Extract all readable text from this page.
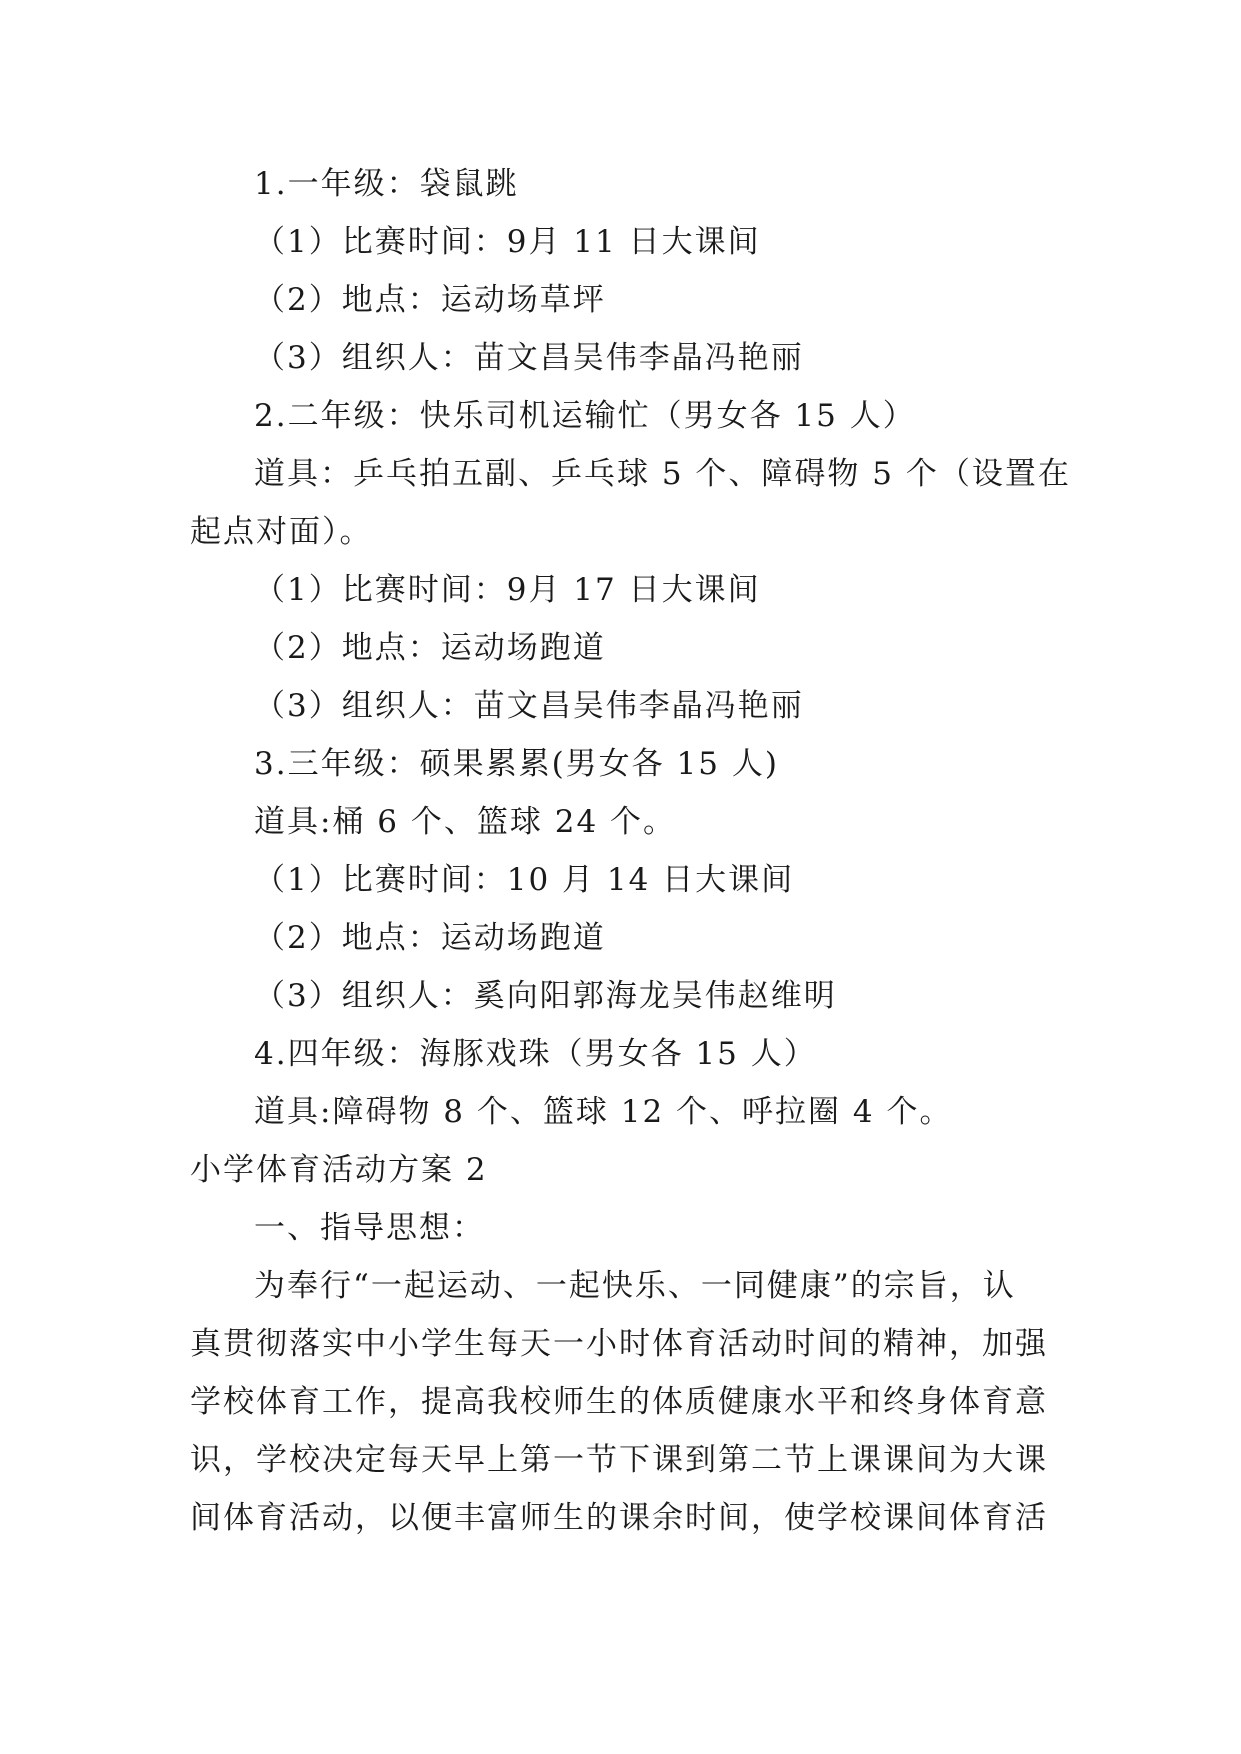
1.一年级：袋鼠跳
（1）比赛时间：9月 11 日大课间
（2）地点：运动场草坪
（3）组织人：苗文昌吴伟李晶冯艳丽
2.二年级：快乐司机运输忙（男女各 15 人）
道具：乒乓拍五副、乒乓球 5 个、障碍物 5 个（设置在
起点对面）。
（1）比赛时间：9月 17 日大课间
（2）地点：运动场跑道
（3）组织人：苗文昌吴伟李晶冯艳丽
3.三年级：硕果累累(男女各 15 人)
道具:桶 6 个、篮球 24 个。
（1）比赛时间：10 月 14 日大课间
（2）地点：运动场跑道
（3）组织人：奚向阳郭海龙吴伟赵维明
4.四年级：海豚戏珠（男女各 15 人）
道具:障碍物 8 个、篮球 12 个、呼拉圈 4 个。
小学体育活动方案 2
一、指导思想：
为奉行“一起运动、一起快乐、一同健康”的宗旨，认
真贯彻落实中小学生每天一小时体育活动时间的精神，加强
学校体育工作，提高我校师生的体质健康水平和终身体育意
识，学校决定每天早上第一节下课到第二节上课课间为大课
间体育活动，以便丰富师生的课余时间，使学校课间体育活
